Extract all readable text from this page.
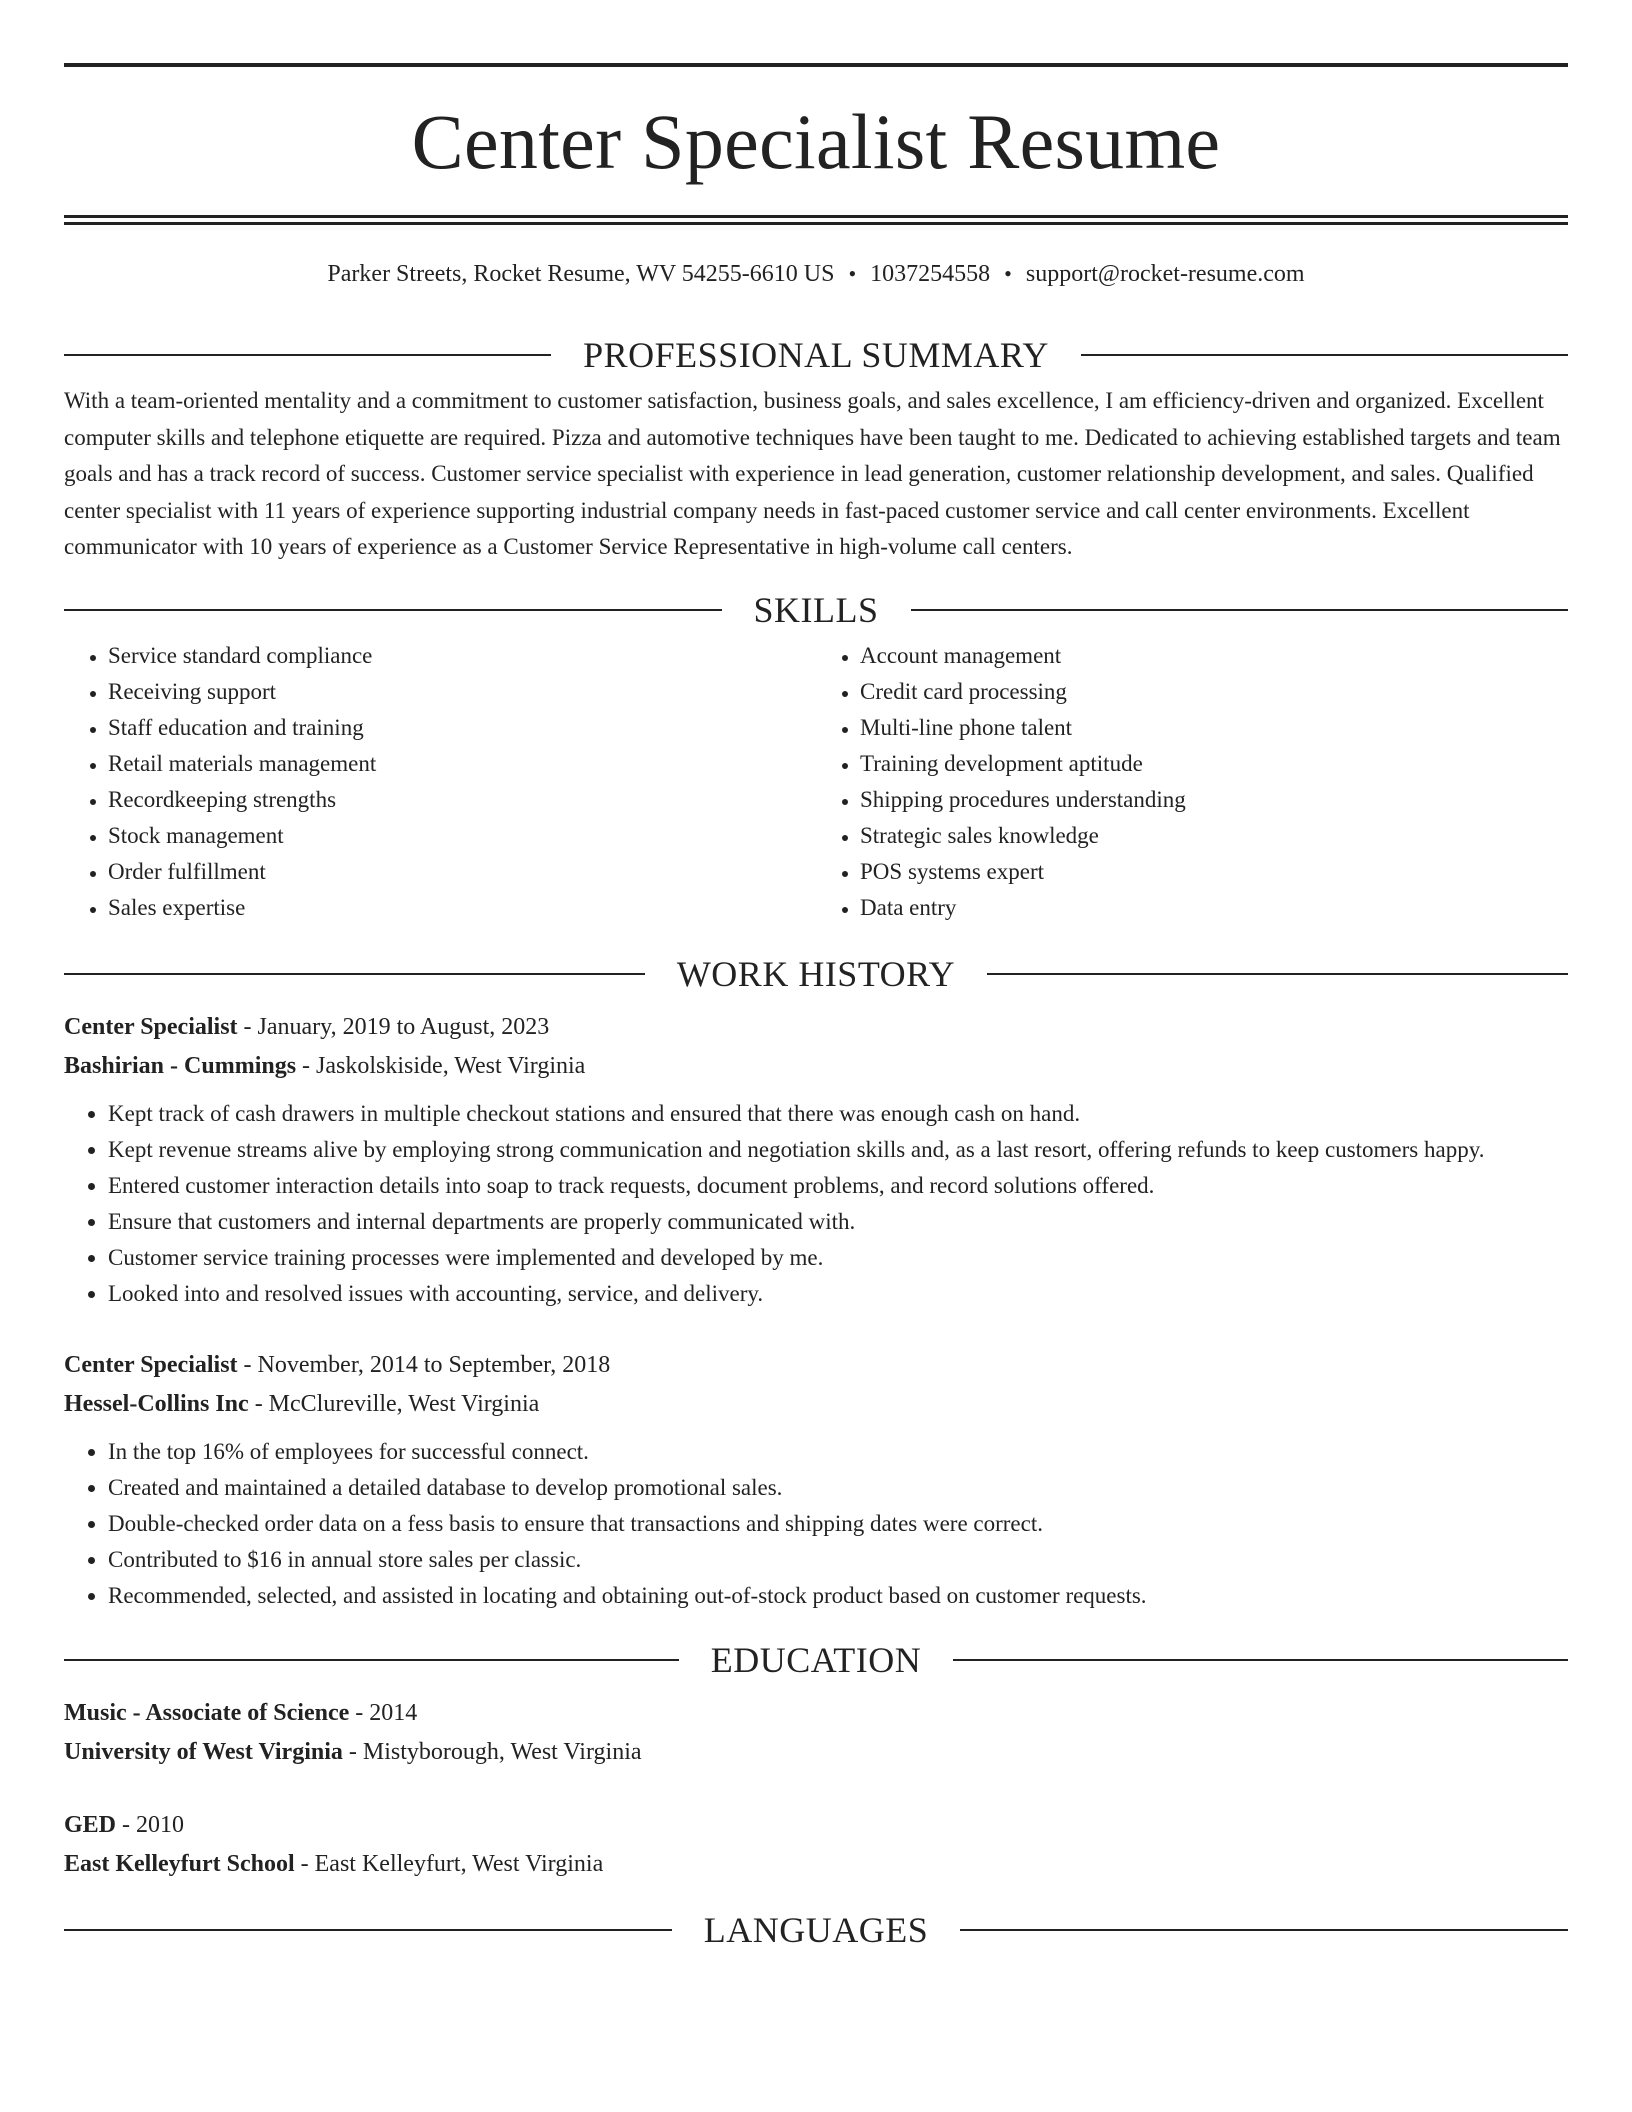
Center Specialist Resume
Parker Streets, Rocket Resume, WV 54255-6610 US • 1037254558 • support@rocket-resume.com
PROFESSIONAL SUMMARY
With a team-oriented mentality and a commitment to customer satisfaction, business goals, and sales excellence, I am efficiency-driven and organized. Excellent computer skills and telephone etiquette are required. Pizza and automotive techniques have been taught to me. Dedicated to achieving established targets and team goals and has a track record of success. Customer service specialist with experience in lead generation, customer relationship development, and sales. Qualified center specialist with 11 years of experience supporting industrial company needs in fast-paced customer service and call center environments. Excellent communicator with 10 years of experience as a Customer Service Representative in high-volume call centers.
SKILLS
• Service standard compliance
• Receiving support
• Staff education and training
• Retail materials management
• Recordkeeping strengths
• Stock management
• Order fulfillment
• Sales expertise
• Account management
• Credit card processing
• Multi-line phone talent
• Training development aptitude
• Shipping procedures understanding
• Strategic sales knowledge
• POS systems expert
• Data entry
WORK HISTORY
Center Specialist - January, 2019 to August, 2023
Bashirian - Cummings - Jaskolskiside, West Virginia
• Kept track of cash drawers in multiple checkout stations and ensured that there was enough cash on hand.
• Kept revenue streams alive by employing strong communication and negotiation skills and, as a last resort, offering refunds to keep customers happy.
• Entered customer interaction details into soap to track requests, document problems, and record solutions offered.
• Ensure that customers and internal departments are properly communicated with.
• Customer service training processes were implemented and developed by me.
• Looked into and resolved issues with accounting, service, and delivery.
Center Specialist - November, 2014 to September, 2018
Hessel-Collins Inc - McClureville, West Virginia
• In the top 16% of employees for successful connect.
• Created and maintained a detailed database to develop promotional sales.
• Double-checked order data on a fess basis to ensure that transactions and shipping dates were correct.
• Contributed to $16 in annual store sales per classic.
• Recommended, selected, and assisted in locating and obtaining out-of-stock product based on customer requests.
EDUCATION
Music - Associate of Science - 2014
University of West Virginia - Mistyborough, West Virginia
GED - 2010
East Kelleyfurt School - East Kelleyfurt, West Virginia
LANGUAGES
